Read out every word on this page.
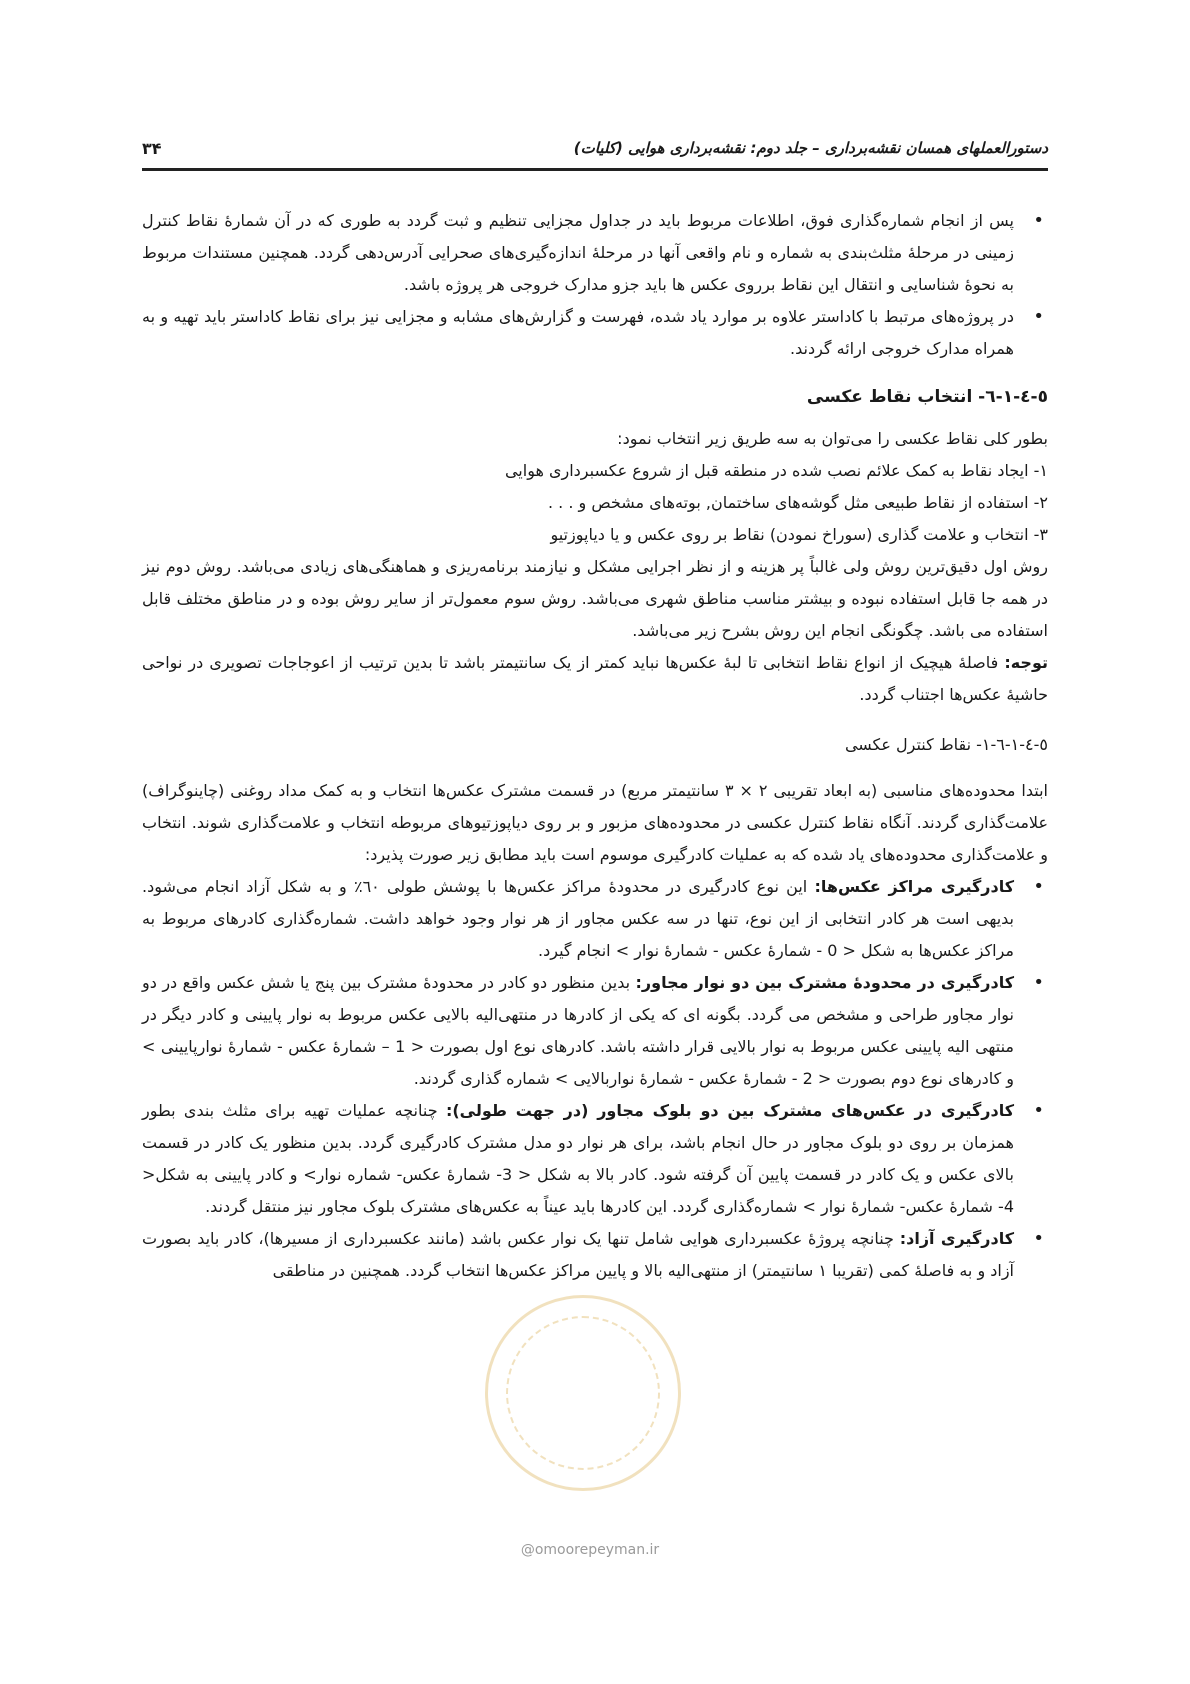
۳۴	دستورالعملهای همسان نقشه‌برداری – جلد دوم: نقشه‌برداری هوایی (کلیات)
• پس از انجام شماره‌گذاری فوق، اطلاعات مربوط باید در جداول مجزایی تنظیم و ثبت گردد به طوری که در آن شمارۀ نقاط کنترل زمینی در مرحلۀ مثلث‌بندی به شماره و نام واقعی آنها در مرحلۀ اندازه‌گیری‌های صحرایی آدرس‌دهی گردد. همچنین مستندات مربوط به نحوۀ شناسایی و انتقال این نقاط برروی عکس ها باید جزو مدارک خروجی هر پروژه باشد.
• در پروژه‌های مرتبط با کاداستر علاوه بر موارد یاد شده، فهرست و گزارش‌های مشابه و مجزایی نیز برای نقاط کاداستر باید تهیه و به همراه مدارک خروجی ارائه گردند.
٥-٤-١-٦- انتخاب نقاط عکسی

بطور کلی نقاط عکسی را می‌توان به سه طریق زیر انتخاب نمود:

١- ایجاد نقاط به کمک علائم نصب شده در منطقه قبل از شروع عکسبرداری هوایی

٢- استفاده از نقاط طبیعی مثل گوشه‌های ساختمان, بوته‌های مشخص و . . .

٣- انتخاب و علامت گذاری (سوراخ نمودن) نقاط بر روی عکس و یا دیاپوزتیو

روش اول دقیق‌ترین روش ولی غالباً پر هزینه و از نظر اجرایی مشکل و نیازمند برنامه‌ریزی و هماهنگی‌های زیادی می‌باشد. روش دوم نیز در همه جا قابل استفاده نبوده و بیشتر مناسب مناطق شهری می‌باشد. روش سوم معمول‌تر از سایر روش بوده و در مناطق مختلف قابل استفاده می باشد. چگونگی انجام این روش بشرح زیر می‌باشد.

توجه: فاصلۀ هیچیک از انواع نقاط انتخابی تا لبۀ عکس‌ها نباید کمتر از یک سانتیمتر باشد تا بدین ترتیب از اعوجاجات تصویری در نواحی حاشیۀ عکس‌ها اجتناب گردد.

٥-٤-١-٦-١- نقاط کنترل عکسی

ابتدا محدوده‌های مناسبی (به ابعاد تقریبی ٢ × ٣ سانتیمتر مربع) در قسمت مشترک عکس‌ها انتخاب و به کمک مداد روغنی (چاینوگراف) علامت‌گذاری گردند. آنگاه نقاط کنترل عکسی در محدوده‌های مزبور و بر روی دیاپوزتیوهای مربوطه انتخاب و علامت‌گذاری شوند. انتخاب و علامت‌گذاری محدوده‌های یاد شده که به عملیات کادرگیری موسوم است باید مطابق زیر صورت پذیرد:

• کادرگیری مراکز عکس‌ها: این نوع کادرگیری در محدودۀ مراکز عکس‌ها با پوشش طولی ٦٠٪ و به شکل آزاد انجام می‌شود. بدیهی است هر کادر انتخابی از این نوع، تنها در سه عکس مجاور از هر نوار وجود خواهد داشت. شماره‌گذاری کادرهای مربوط به مراکز عکس‌ها به شکل < 0 - شمارۀ عکس - شمارۀ نوار > انجام گیرد.
• کادرگیری در محدودۀ مشترک بین دو نوار مجاور: بدین منظور دو کادر در محدودۀ مشترک بین پنج یا شش عکس واقع در دو نوار مجاور طراحی و مشخص می گردد. بگونه ای که یکی از کادرها در منتهی‌الیه بالایی عکس مربوط به نوار پایینی و کادر دیگر در منتهی الیه پایینی عکس مربوط به نوار بالایی قرار داشته باشد. کادرهای نوع اول بصورت < 1 – شمارۀ عکس - شمارۀ نوارپایینی > و کادرهای نوع دوم بصورت < 2 - شمارۀ عکس - شمارۀ نواربالایی > شماره گذاری گردند.
• کادرگیری در عکس‌های مشترک بین دو بلوک مجاور (در جهت طولی): چنانچه عملیات تهیه برای مثلث بندی بطور همزمان بر روی دو بلوک مجاور در حال انجام باشد، برای هر نوار دو مدل مشترک کادرگیری گردد. بدین منظور یک کادر در قسمت بالای عکس و یک کادر در قسمت پایین آن گرفته شود. کادر بالا به شکل < 3- شمارۀ عکس- شماره نوار> و کادر پایینی به شکل< 4- شمارۀ عکس- شمارۀ نوار > شماره‌گذاری گردد. این کادرها باید عیناً به عکس‌های مشترک بلوک مجاور نیز منتقل گردند.
• کادرگیری آزاد: چنانچه پروژۀ عکسبرداری هوایی شامل تنها یک نوار عکس باشد (مانند عکسبرداری از مسیرها)، کادر باید بصورت آزاد و به فاصلۀ کمی (تقریبا ١ سانتیمتر) از منتهی‌الیه بالا و پایین مراکز عکس‌ها انتخاب گردد. همچنین در مناطقی
@omoorepeyman.ir
